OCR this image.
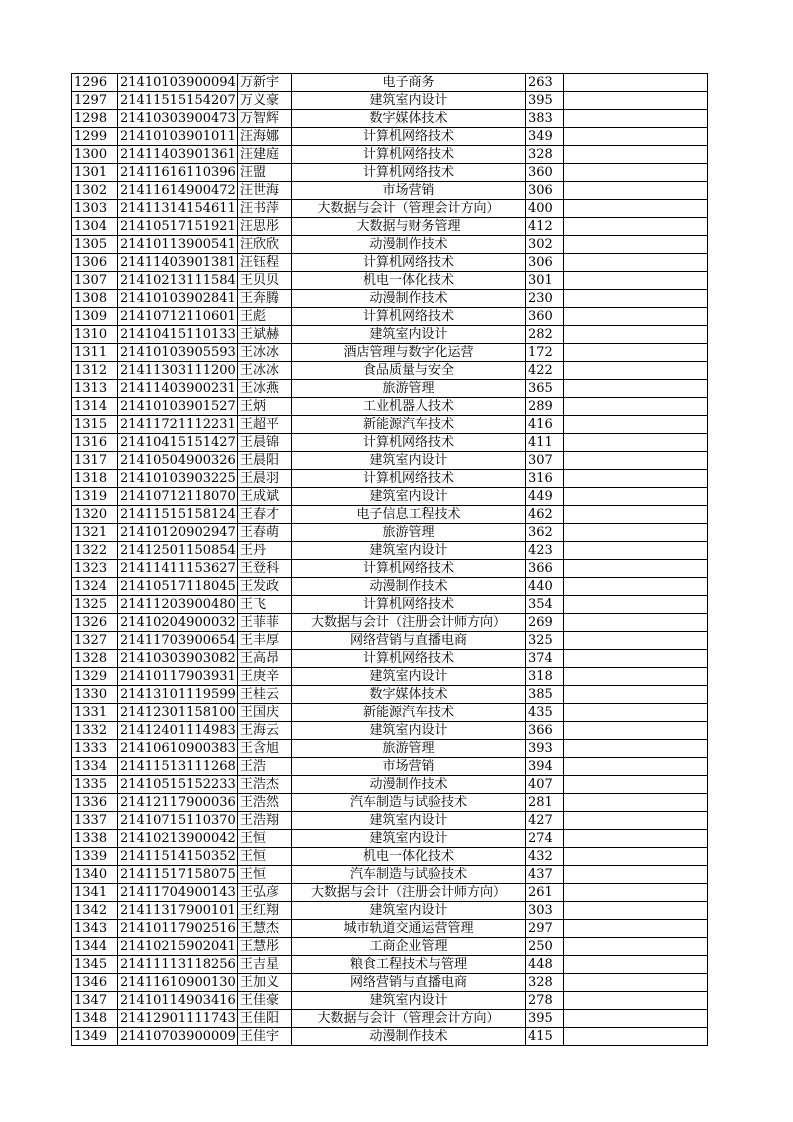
1296	21410103900094	万新宇	电子商务	263	
1297	21411515154207	万义豪	建筑室内设计	395	
1298	21410303900473	万智辉	数字媒体技术	383	
1299	21410103901011	汪海娜	计算机网络技术	349	
1300	21411403901361	汪建庭	计算机网络技术	328	
1301	21411616110396	汪盟	计算机网络技术	360	
1302	21411614900472	汪世海	市场营销	306	
1303	21411314154611	汪书萍	大数据与会计（管理会计方向）	400	
1304	21410517151921	汪思彤	大数据与财务管理	412	
1305	21410113900541	汪欣欣	动漫制作技术	302	
1306	21411403901381	汪钰程	计算机网络技术	306	
1307	21410213111584	王贝贝	机电一体化技术	301	
1308	21410103902841	王奔腾	动漫制作技术	230	
1309	21410712110601	王彪	计算机网络技术	360	
1310	21410415110133	王斌赫	建筑室内设计	282	
1311	21410103905593	王冰冰	酒店管理与数字化运营	172	
1312	21411303111200	王冰冰	食品质量与安全	422	
1313	21411403900231	王冰燕	旅游管理	365	
1314	21410103901527	王炳	工业机器人技术	289	
1315	21411721112231	王超平	新能源汽车技术	416	
1316	21410415151427	王晨锦	计算机网络技术	411	
1317	21410504900326	王晨阳	建筑室内设计	307	
1318	21410103903225	王晨羽	计算机网络技术	316	
1319	21410712118070	王成斌	建筑室内设计	449	
1320	21411515158124	王春才	电子信息工程技术	462	
1321	21410120902947	王春萌	旅游管理	362	
1322	21412501150854	王丹	建筑室内设计	423	
1323	21411411153627	王登科	计算机网络技术	366	
1324	21410517118045	王发政	动漫制作技术	440	
1325	21411203900480	王飞	计算机网络技术	354	
1326	21410204900032	王菲菲	大数据与会计（注册会计师方向）	269	
1327	21411703900654	王丰厚	网络营销与直播电商	325	
1328	21410303903082	王高昂	计算机网络技术	374	
1329	21410117903931	王庚辛	建筑室内设计	318	
1330	21413101119599	王桂云	数字媒体技术	385	
1331	21412301158100	王国庆	新能源汽车技术	435	
1332	21412401114983	王海云	建筑室内设计	366	
1333	21410610900383	王含旭	旅游管理	393	
1334	21411513111268	王浩	市场营销	394	
1335	21410515152233	王浩杰	动漫制作技术	407	
1336	21412117900036	王浩然	汽车制造与试验技术	281	
1337	21410715110370	王浩翔	建筑室内设计	427	
1338	21410213900042	王恒	建筑室内设计	274	
1339	21411514150352	王恒	机电一体化技术	432	
1340	21411517158075	王恒	汽车制造与试验技术	437	
1341	21411704900143	王弘彦	大数据与会计（注册会计师方向）	261	
1342	21411317900101	王红翔	建筑室内设计	303	
1343	21410117902516	王慧杰	城市轨道交通运营管理	297	
1344	21410215902041	王慧彤	工商企业管理	250	
1345	21411113118256	王吉星	粮食工程技术与管理	448	
1346	21411610900130	王加义	网络营销与直播电商	328	
1347	21410114903416	王佳豪	建筑室内设计	278	
1348	21412901111743	王佳阳	大数据与会计（管理会计方向）	395	
1349	21410703900009	王佳宇	动漫制作技术	415	
